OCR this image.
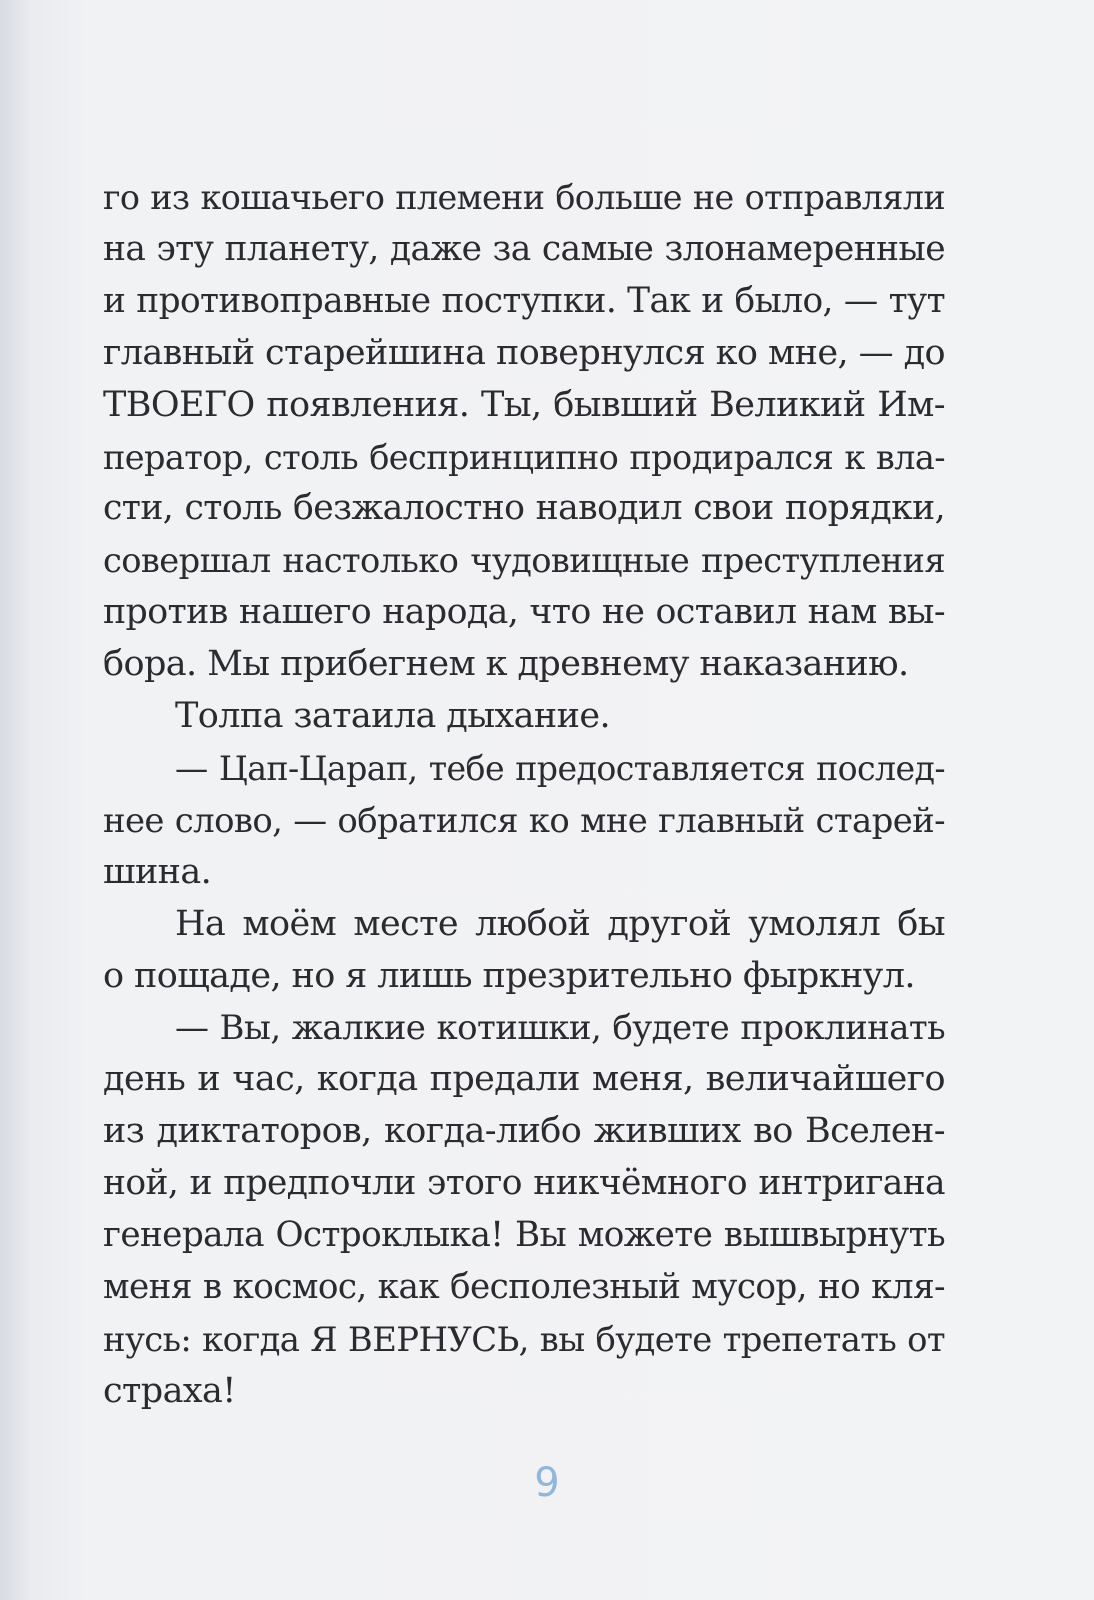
го из кошачьего племени больше не отправляли
на эту планету, даже за самые злонамеренные
и противоправные поступки. Так и было, — тут
главный старейшина повернулся ко мне, — до
ТВОЕГО появления. Ты, бывший Великий Им-
ператор, столь беспринципно продирался к вла-
сти, столь безжалостно наводил свои порядки,
совершал настолько чудовищные преступления
против нашего народа, что не оставил нам вы-
бора. Мы прибегнем к древнему наказанию.
Толпа затаила дыхание.
— Цап-Царап, тебе предоставляется послед-
нее слово, — обратился ко мне главный старей-
шина.
На моём месте любой другой умолял бы
о пощаде, но я лишь презрительно фыркнул.
— Вы, жалкие котишки, будете проклинать
день и час, когда предали меня, величайшего
из диктаторов, когда-либо живших во Вселен-
ной, и предпочли этого никчёмного интригана
генерала Остроклыка! Вы можете вышвырнуть
меня в космос, как бесполезный мусор, но кля-
нусь: когда Я ВЕРНУСЬ, вы будете трепетать от
страха!
9
